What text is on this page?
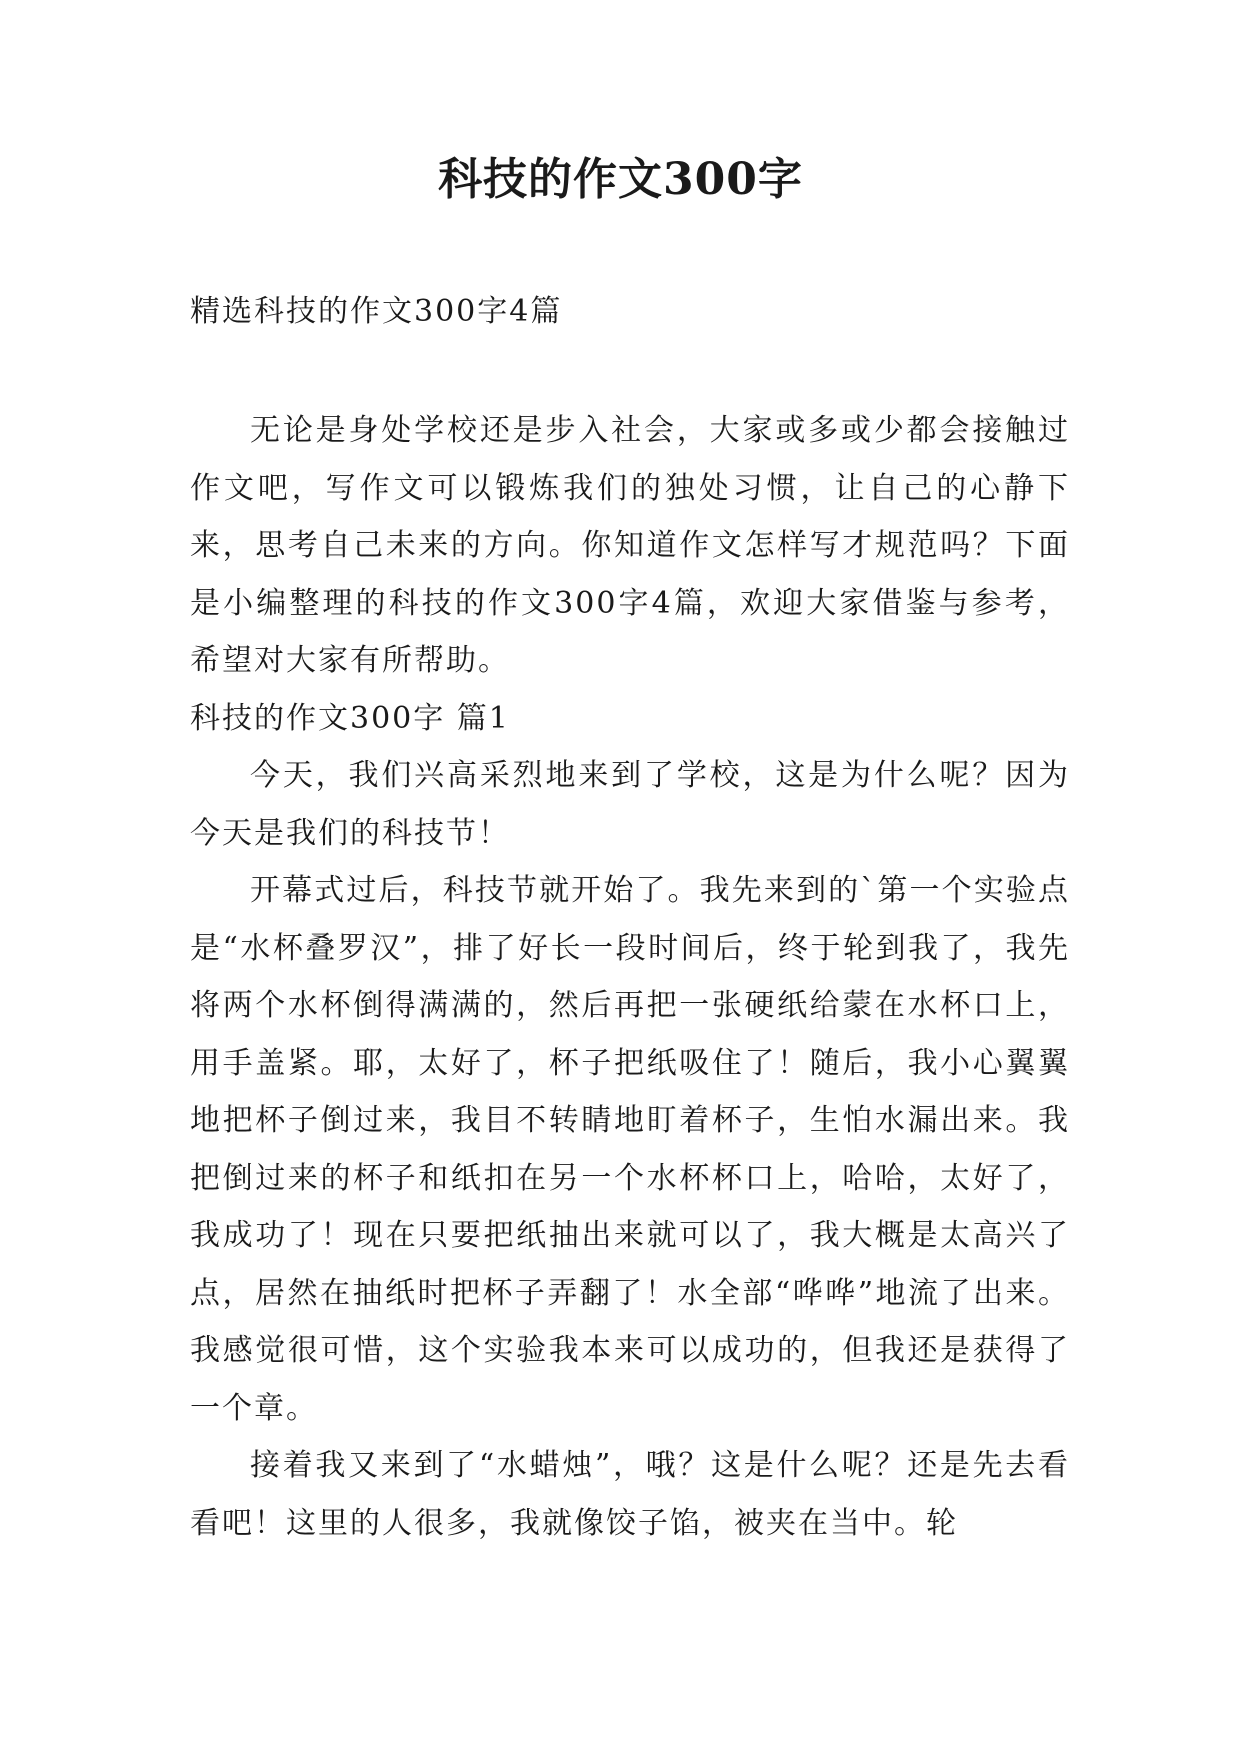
科技的作文300字
精选科技的作文300字4篇

无论是身处学校还是步入社会，大家或多或少都会接触过作文吧，写作文可以锻炼我们的独处习惯，让自己的心静下来，思考自己未来的方向。你知道作文怎样写才规范吗？下面是小编整理的科技的作文300字4篇，欢迎大家借鉴与参考，希望对大家有所帮助。

科技的作文300字 篇1

今天，我们兴高采烈地来到了学校，这是为什么呢？因为今天是我们的科技节！

开幕式过后，科技节就开始了。我先来到的`第一个实验点是“水杯叠罗汉”，排了好长一段时间后，终于轮到我了，我先将两个水杯倒得满满的，然后再把一张硬纸给蒙在水杯口上，用手盖紧。耶，太好了，杯子把纸吸住了！随后，我小心翼翼地把杯子倒过来，我目不转睛地盯着杯子，生怕水漏出来。我把倒过来的杯子和纸扣在另一个水杯杯口上，哈哈，太好了，我成功了！现在只要把纸抽出来就可以了，我大概是太高兴了点，居然在抽纸时把杯子弄翻了！水全部“哗哗”地流了出来。我感觉很可惜，这个实验我本来可以成功的，但我还是获得了一个章。

接着我又来到了“水蜡烛”，哦？这是什么呢？还是先去看看吧！这里的人很多，我就像饺子馅，被夹在当中。轮
